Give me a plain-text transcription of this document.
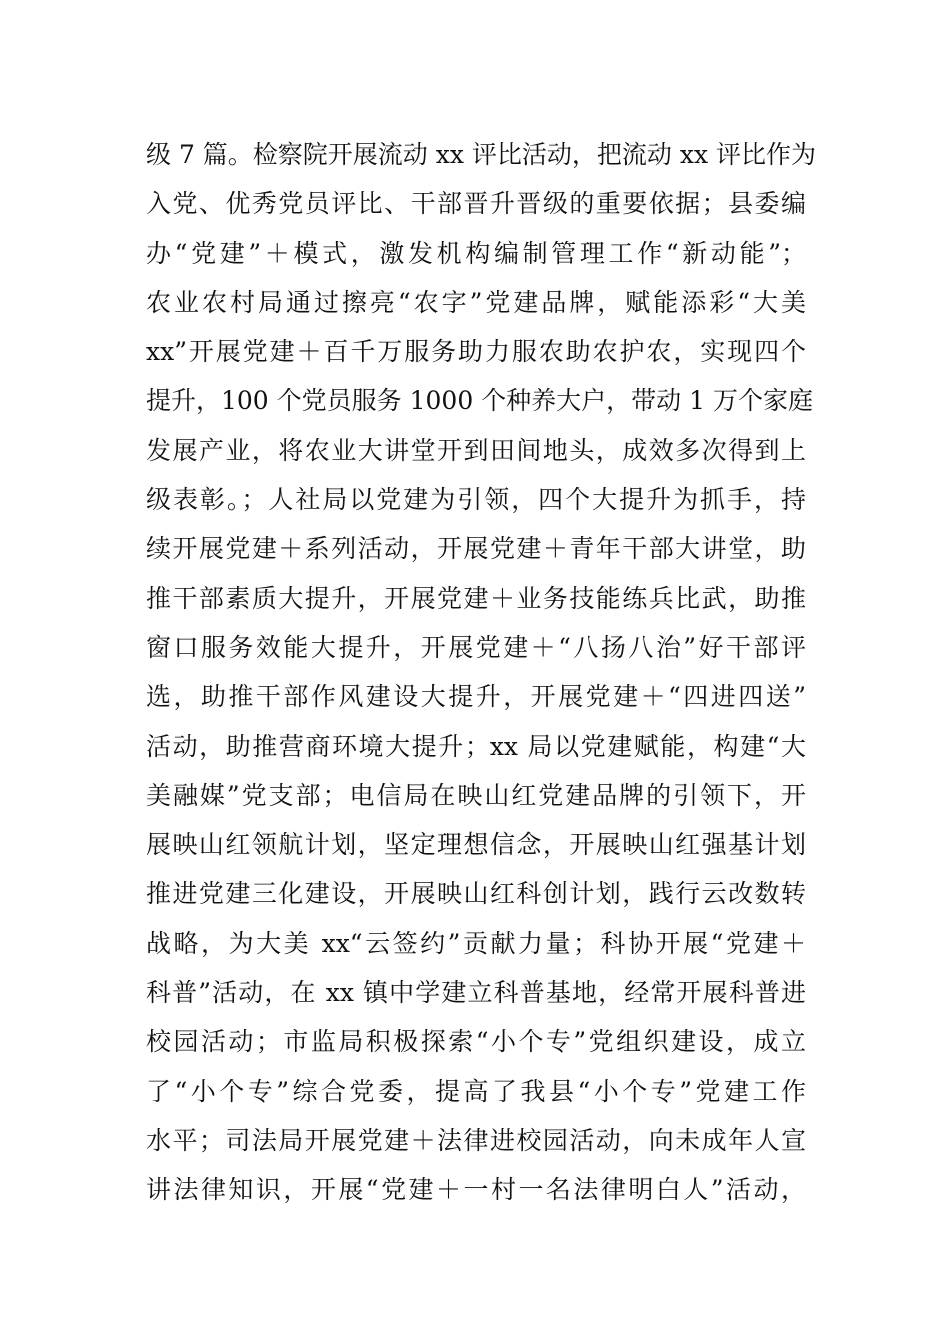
级 7 篇。检察院开展流动 xx 评比活动，把流动 xx 评比作为
入党、优秀党员评比、干部晋升晋级的重要依据；县委编
办“党建”＋模式，激发机构编制管理工作“新动能”；
农业农村局通过擦亮“农字”党建品牌，赋能添彩“大美
xx”开展党建＋百千万服务助力服农助农护农，实现四个
提升，100 个党员服务 1000 个种养大户，带动 1 万个家庭
发展产业，将农业大讲堂开到田间地头，成效多次得到上
级表彰。；人社局以党建为引领，四个大提升为抓手，持
续开展党建＋系列活动，开展党建＋青年干部大讲堂，助
推干部素质大提升，开展党建＋业务技能练兵比武，助推
窗口服务效能大提升，开展党建＋“八扬八治”好干部评
选，助推干部作风建设大提升，开展党建＋“四进四送”
活动，助推营商环境大提升；xx 局以党建赋能，构建“大
美融媒”党支部；电信局在映山红党建品牌的引领下，开
展映山红领航计划，坚定理想信念，开展映山红强基计划
推进党建三化建设，开展映山红科创计划，践行云改数转
战略，为大美 xx“云签约”贡献力量；科协开展“党建＋
科普”活动，在 xx 镇中学建立科普基地，经常开展科普进
校园活动；市监局积极探索“小个专”党组织建设，成立
了“小个专”综合党委，提高了我县“小个专”党建工作
水平；司法局开展党建＋法律进校园活动，向未成年人宣
讲法律知识，开展“党建＋一村一名法律明白人”活动，
